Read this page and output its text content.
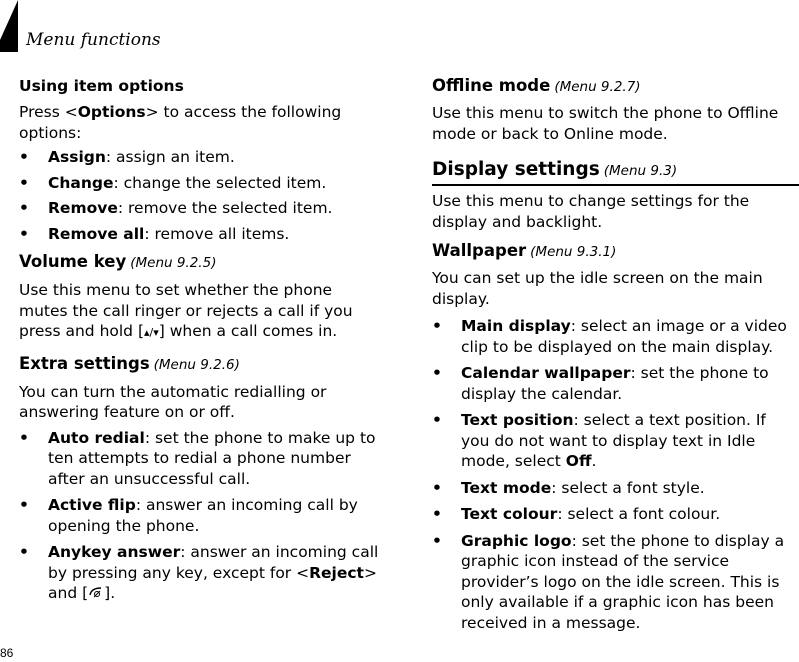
Menu functions
86

Using item options

Press <Options> to access the following options:

• Assign: assign an item.
• Change: change the selected item.
• Remove: remove the selected item.
• Remove all: remove all items.
Volume key (Menu 9.2.5)

Use this menu to set whether the phone mutes the call ringer or rejects a call if you press and hold [▴/▾] when a call comes in.

Extra settings (Menu 9.2.6)

You can turn the automatic redialling or answering feature on or off.

• Auto redial: set the phone to make up to ten attempts to redial a phone number after an unsuccessful call.
• Active flip: answer an incoming call by opening the phone.
• Anykey answer: answer an incoming call by pressing any key, except for <Reject> and [ ].
Offline mode (Menu 9.2.7)

Use this menu to switch the phone to Offline mode or back to Online mode.

Display settings (Menu 9.3)

Use this menu to change settings for the display and backlight.

Wallpaper (Menu 9.3.1)

You can set up the idle screen on the main display.

• Main display: select an image or a video clip to be displayed on the main display.
• Calendar wallpaper: set the phone to display the calendar.
• Text position: select a text position. If you do not want to display text in Idle mode, select Off.
• Text mode: select a font style.
• Text colour: select a font colour.
• Graphic logo: set the phone to display a graphic icon instead of the service provider’s logo on the idle screen. This is only available if a graphic icon has been received in a message.
